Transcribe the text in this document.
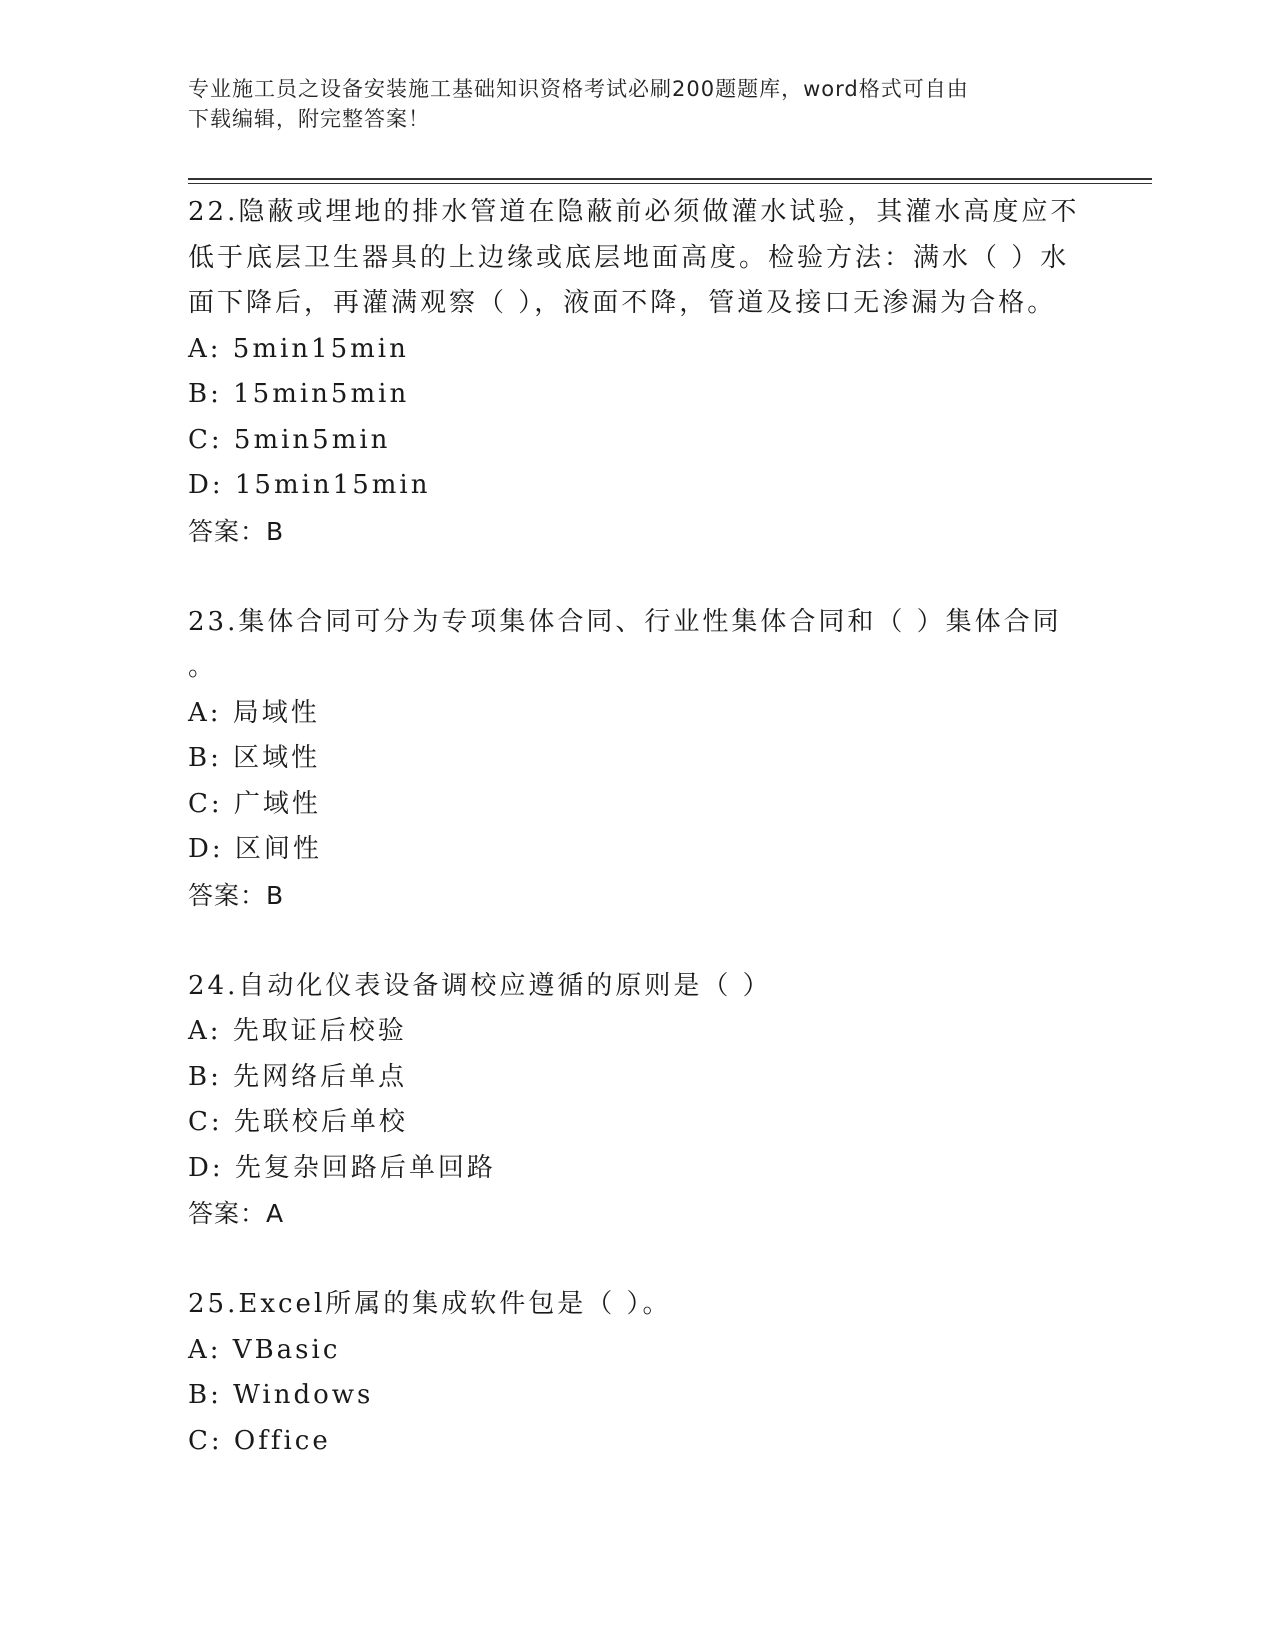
专业施工员之设备安装施工基础知识资格考试必刷200题题库，word格式可自由
下载编辑，附完整答案！

22.隐蔽或埋地的排水管道在隐蔽前必须做灌水试验，其灌水高度应不

低于底层卫生器具的上边缘或底层地面高度。检验方法：满水（ ）水

面下降后，再灌满观察（ ），液面不降，管道及接口无渗漏为合格。

A: 5min15min

B: 15min5min

C: 5min5min

D: 15min15min

答案：B

23.集体合同可分为专项集体合同、行业性集体合同和（ ）集体合同

。

A: 局域性

B: 区域性

C: 广域性

D: 区间性

答案：B

24.自动化仪表设备调校应遵循的原则是（ ）

A: 先取证后校验

B: 先网络后单点

C: 先联校后单校

D: 先复杂回路后单回路

答案：A

25.Excel所属的集成软件包是（ ）。

A: VBasic

B: Windows

C: Office
